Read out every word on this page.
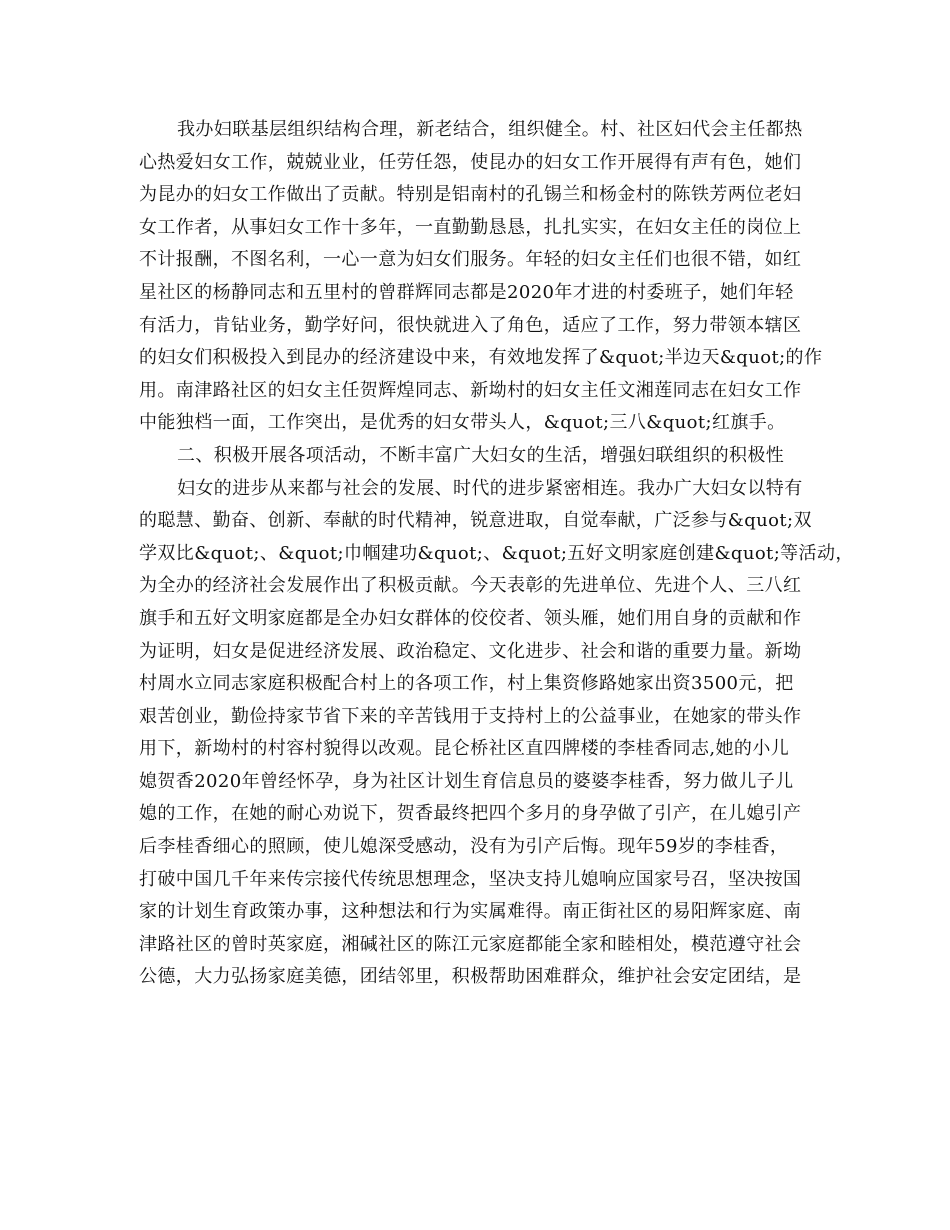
我办妇联基层组织结构合理，新老结合，组织健全。村、社区妇代会主任都热
心热爱妇女工作，兢兢业业，任劳任怨，使昆办的妇女工作开展得有声有色，她们
为昆办的妇女工作做出了贡献。特别是铝南村的孔锡兰和杨金村的陈铁芳两位老妇
女工作者，从事妇女工作十多年，一直勤勤恳恳，扎扎实实，在妇女主任的岗位上
不计报酬，不图名利，一心一意为妇女们服务。年轻的妇女主任们也很不错，如红
星社区的杨静同志和五里村的曾群辉同志都是2020年才进的村委班子，她们年轻
有活力，肯钻业务，勤学好问，很快就进入了角色，适应了工作，努力带领本辖区
的妇女们积极投入到昆办的经济建设中来，有效地发挥了&quot;半边天&quot;的作
用。南津路社区的妇女主任贺辉煌同志、新坳村的妇女主任文湘莲同志在妇女工作
中能独档一面，工作突出，是优秀的妇女带头人，&quot;三八&quot;红旗手。
二、积极开展各项活动，不断丰富广大妇女的生活，增强妇联组织的积极性
妇女的进步从来都与社会的发展、时代的进步紧密相连。我办广大妇女以特有
的聪慧、勤奋、创新、奉献的时代精神，锐意进取，自觉奉献，广泛参与&quot;双
学双比&quot;、&quot;巾帼建功&quot;、&quot;五好文明家庭创建&quot;等活动，
为全办的经济社会发展作出了积极贡献。今天表彰的先进单位、先进个人、三八红
旗手和五好文明家庭都是全办妇女群体的佼佼者、领头雁，她们用自身的贡献和作
为证明，妇女是促进经济发展、政治稳定、文化进步、社会和谐的重要力量。新坳
村周水立同志家庭积极配合村上的各项工作，村上集资修路她家出资3500元，把
艰苦创业，勤俭持家节省下来的辛苦钱用于支持村上的公益事业，在她家的带头作
用下，新坳村的村容村貌得以改观。昆仑桥社区直四牌楼的李桂香同志,她的小儿
媳贺香2020年曾经怀孕，身为社区计划生育信息员的婆婆李桂香，努力做儿子儿
媳的工作，在她的耐心劝说下，贺香最终把四个多月的身孕做了引产，在儿媳引产
后李桂香细心的照顾，使儿媳深受感动，没有为引产后悔。现年59岁的李桂香，
打破中国几千年来传宗接代传统思想理念，坚决支持儿媳响应国家号召，坚决按国
家的计划生育政策办事，这种想法和行为实属难得。南正街社区的易阳辉家庭、南
津路社区的曾时英家庭，湘碱社区的陈江元家庭都能全家和睦相处，模范遵守社会
公德，大力弘扬家庭美德，团结邻里，积极帮助困难群众，维护社会安定团结，是
